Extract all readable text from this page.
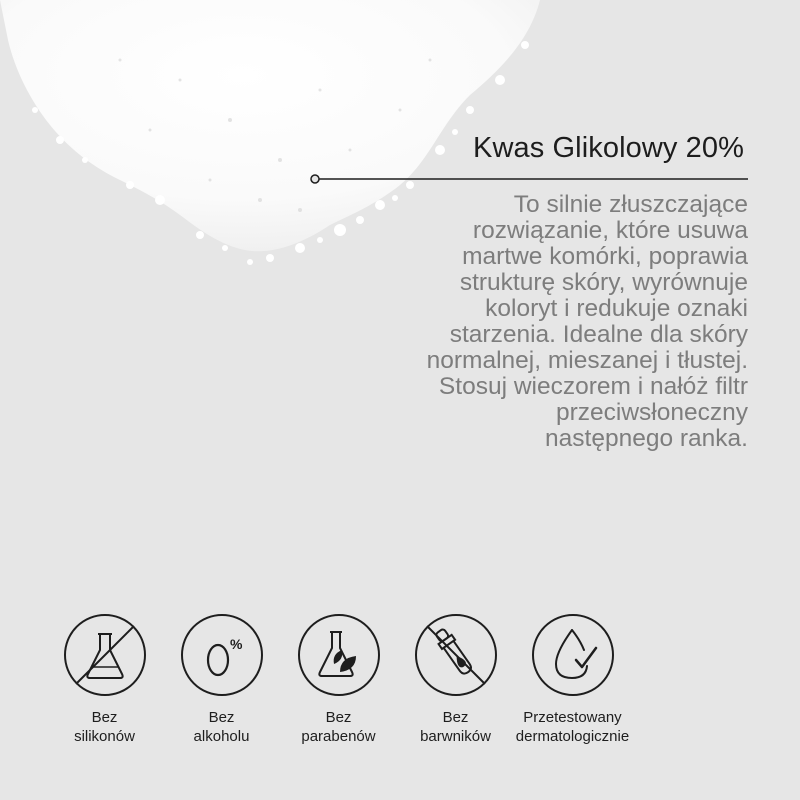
Kwas Glikolowy 20%
To silnie złuszczające
rozwiązanie, które usuwa
martwe komórki, poprawia
strukturę skóry, wyrównuje
koloryt i redukuje oznaki
starzenia. Idealne dla skóry
normalnej, mieszanej i tłustej.
Stosuj wieczorem i nałóż filtr
przeciwsłoneczny
następnego ranka.
Bez
silikonów
%
Bez
alkoholu
Bez
parabenów
Bez
barwników
Przetestowany
dermatologicznie
